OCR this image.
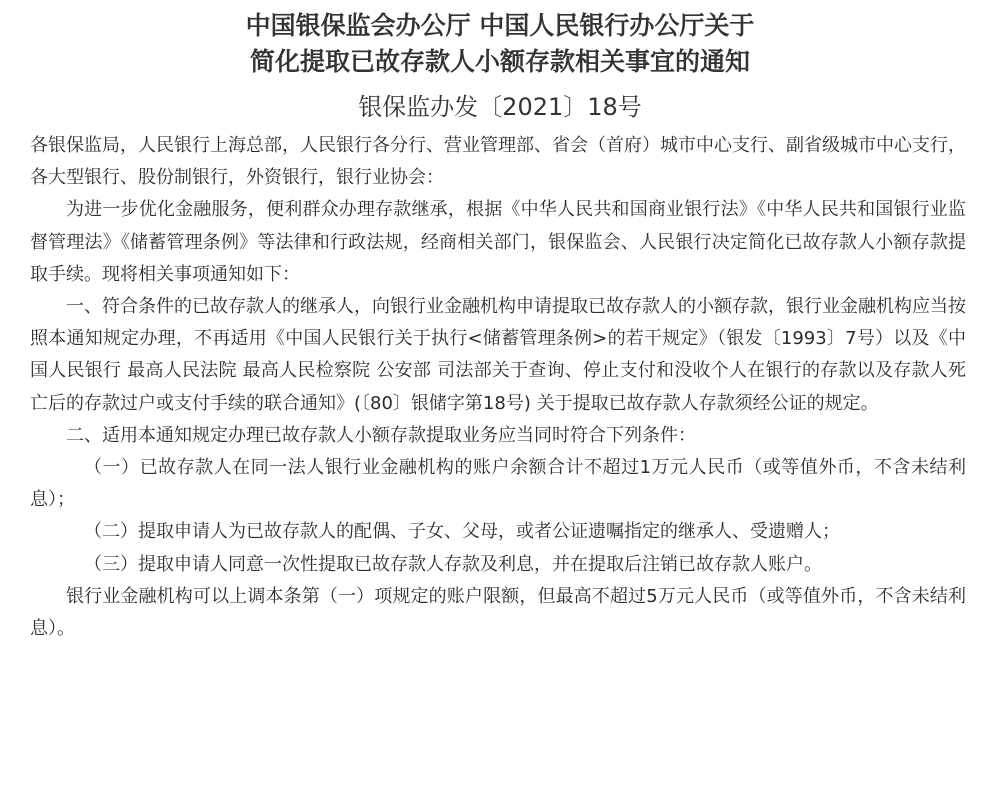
中国银保监会办公厅 中国人民银行办公厅关于
简化提取已故存款人小额存款相关事宜的通知
银保监办发〔2021〕18号

各银保监局，人民银行上海总部，人民银行各分行、营业管理部、省会（首府）城市中心支行、副省级城市中心支行，各大型银行、股份制银行，外资银行，银行业协会：

为进一步优化金融服务，便利群众办理存款继承，根据《中华人民共和国商业银行法》《中华人民共和国银行业监督管理法》《储蓄管理条例》等法律和行政法规，经商相关部门，银保监会、人民银行决定简化已故存款人小额存款提取手续。现将相关事项通知如下：

一、符合条件的已故存款人的继承人，向银行业金融机构申请提取已故存款人的小额存款，银行业金融机构应当按照本通知规定办理，不再适用《中国人民银行关于执行<储蓄管理条例>的若干规定》（银发〔1993〕7号）以及《中国人民银行 最高人民法院 最高人民检察院 公安部 司法部关于查询、停止支付和没收个人在银行的存款以及存款人死亡后的存款过户或支付手续的联合通知》(〔80〕银储字第18号) 关于提取已故存款人存款须经公证的规定。

二、适用本通知规定办理已故存款人小额存款提取业务应当同时符合下列条件：

（一）已故存款人在同一法人银行业金融机构的账户余额合计不超过1万元人民币（或等值外币，不含未结利息）；

（二）提取申请人为已故存款人的配偶、子女、父母，或者公证遗嘱指定的继承人、受遗赠人；

（三）提取申请人同意一次性提取已故存款人存款及利息，并在提取后注销已故存款人账户。

银行业金融机构可以上调本条第（一）项规定的账户限额，但最高不超过5万元人民币（或等值外币，不含未结利息）。
